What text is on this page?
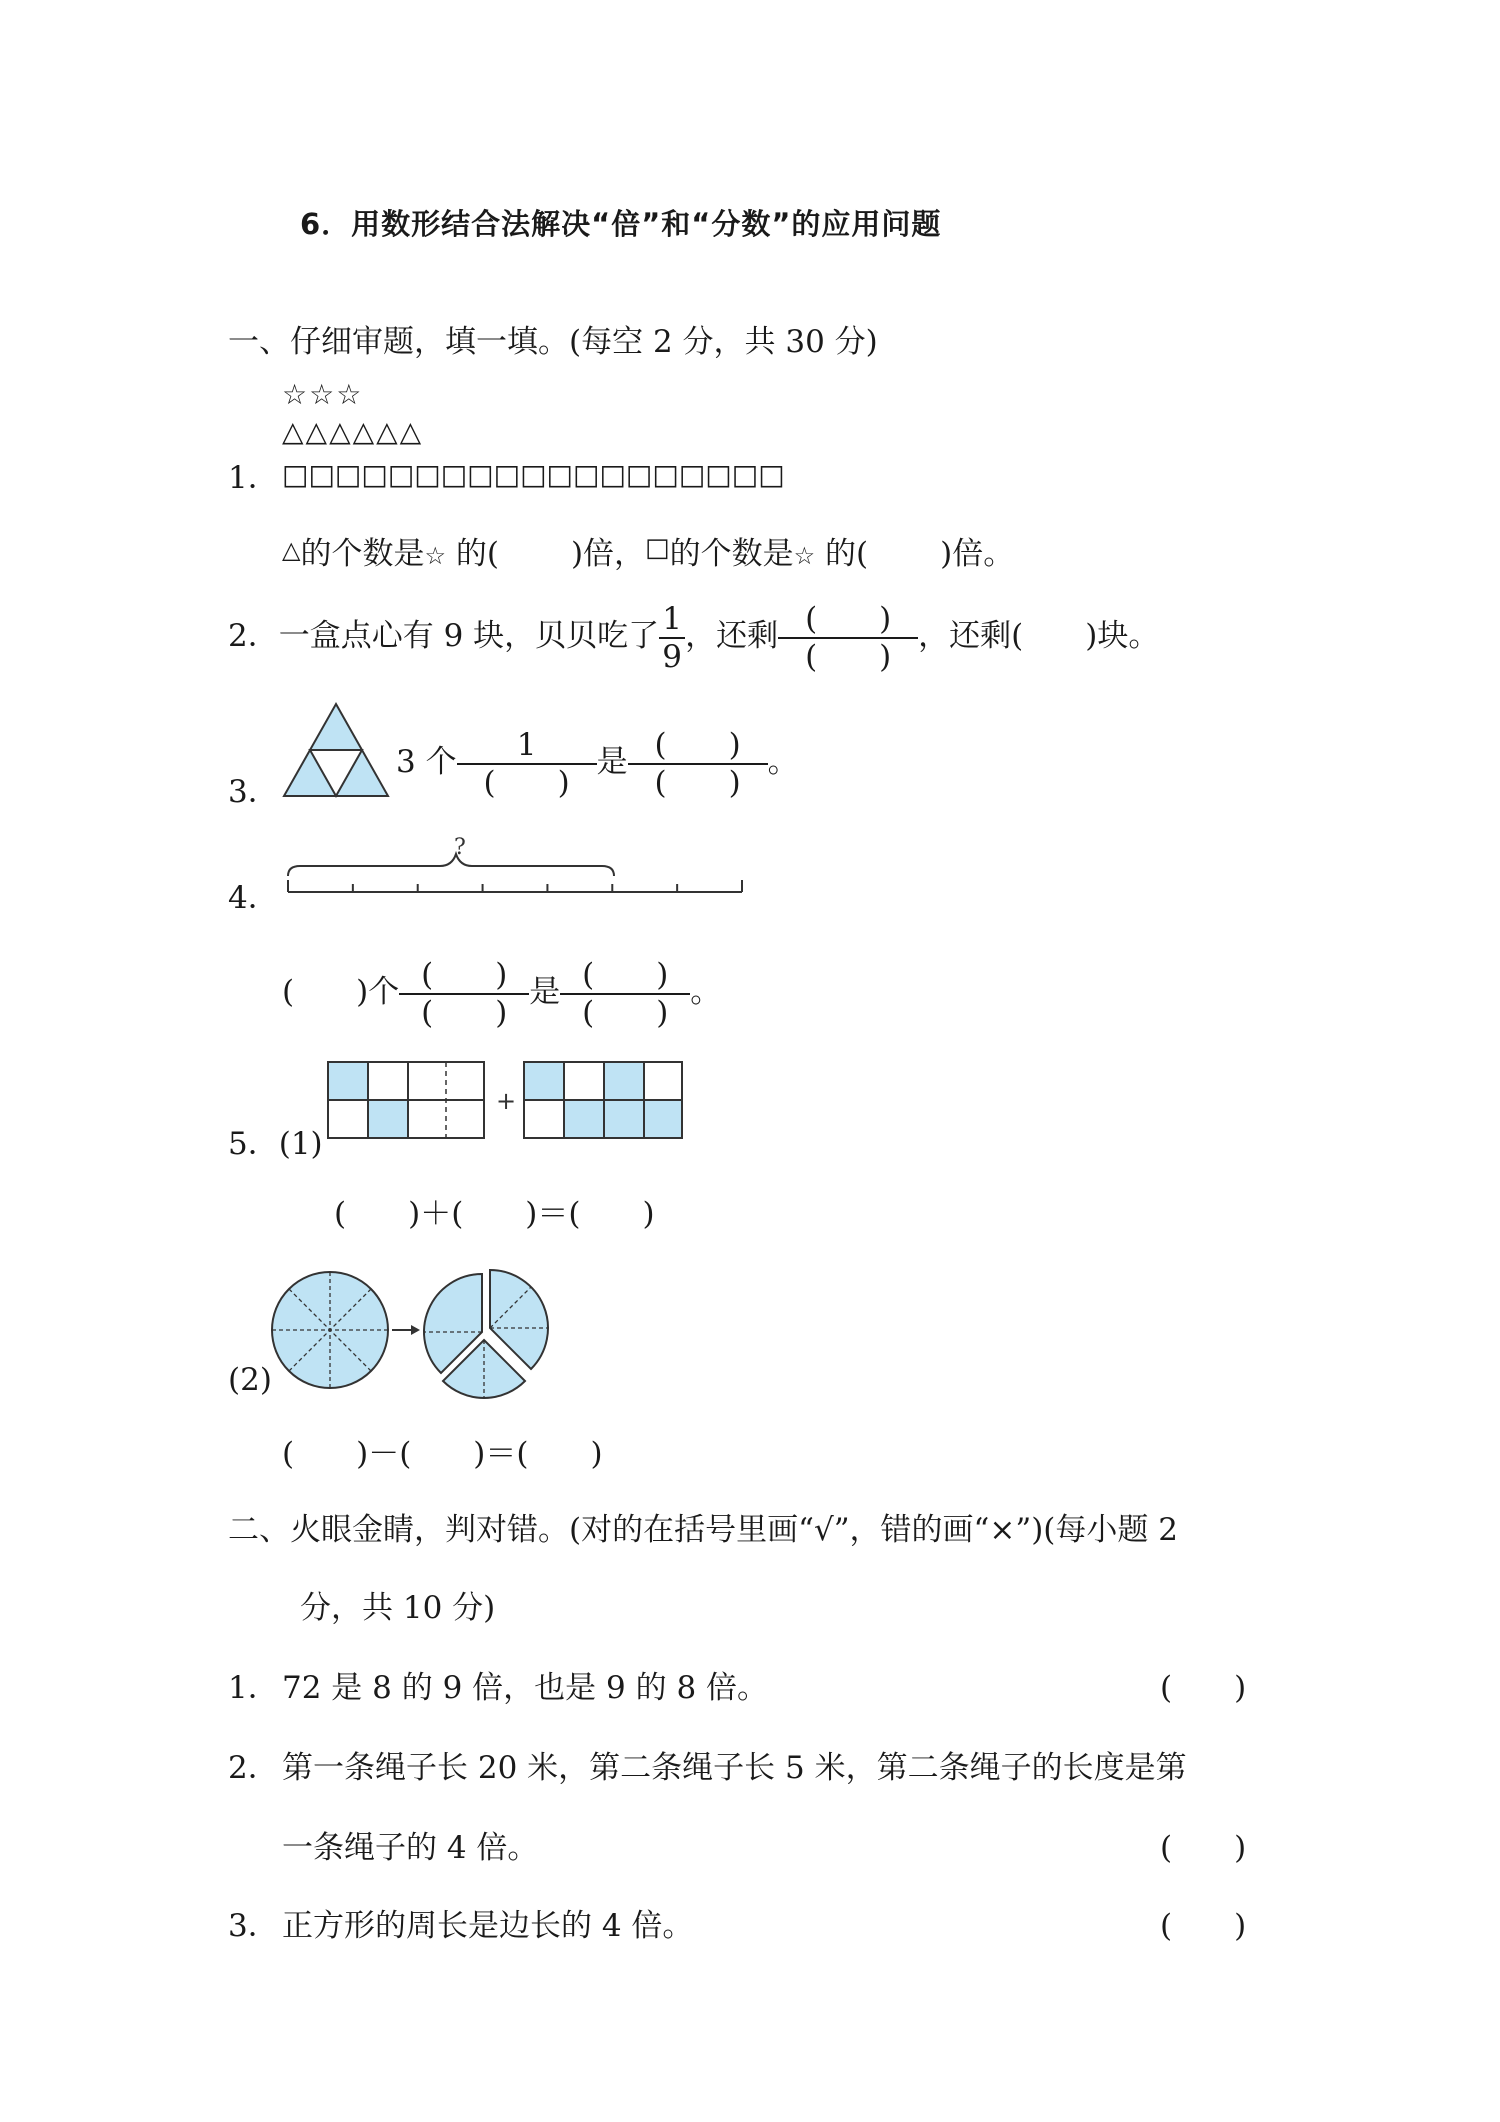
6．用数形结合法解决“倍”和“分数”的应用问题
一、仔细审题，填一填。(每空 2 分，共 30 分)
☆☆☆
△△△△△△
1． □□□□□□□□□□□□□□□□□□□
△的个数是☆ 的( )倍，□的个数是☆ 的( )倍。
2．一盒点心有 9 块，贝贝吃了 $\frac{1}{9}$ ，还剩 $\frac{( )}{( )}$ ，还剩(　　)块。
3．
3 个 $\frac{1}{( )}$ 是 $\frac{( )}{( )}$ 。
4．
?
(　　)个 $\frac{( )}{( )}$ 是 $\frac{( )}{( )}$ 。
5．(1)
+
(　　)＋(　　)＝(　　)
(2)
(　　)－(　　)＝(　　)
二、火眼金睛，判对错。(对的在括号里画“√”，错的画“×”)(每小题 2
分，共 10 分)
1． 72 是 8 的 9 倍，也是 9 的 8 倍。	(　　)
2． 第一条绳子长 20 米，第二条绳子长 5 米，第二条绳子的长度是第
一条绳子的 4 倍。	(　　)
3． 正方形的周长是边长的 4 倍。	(　　)
